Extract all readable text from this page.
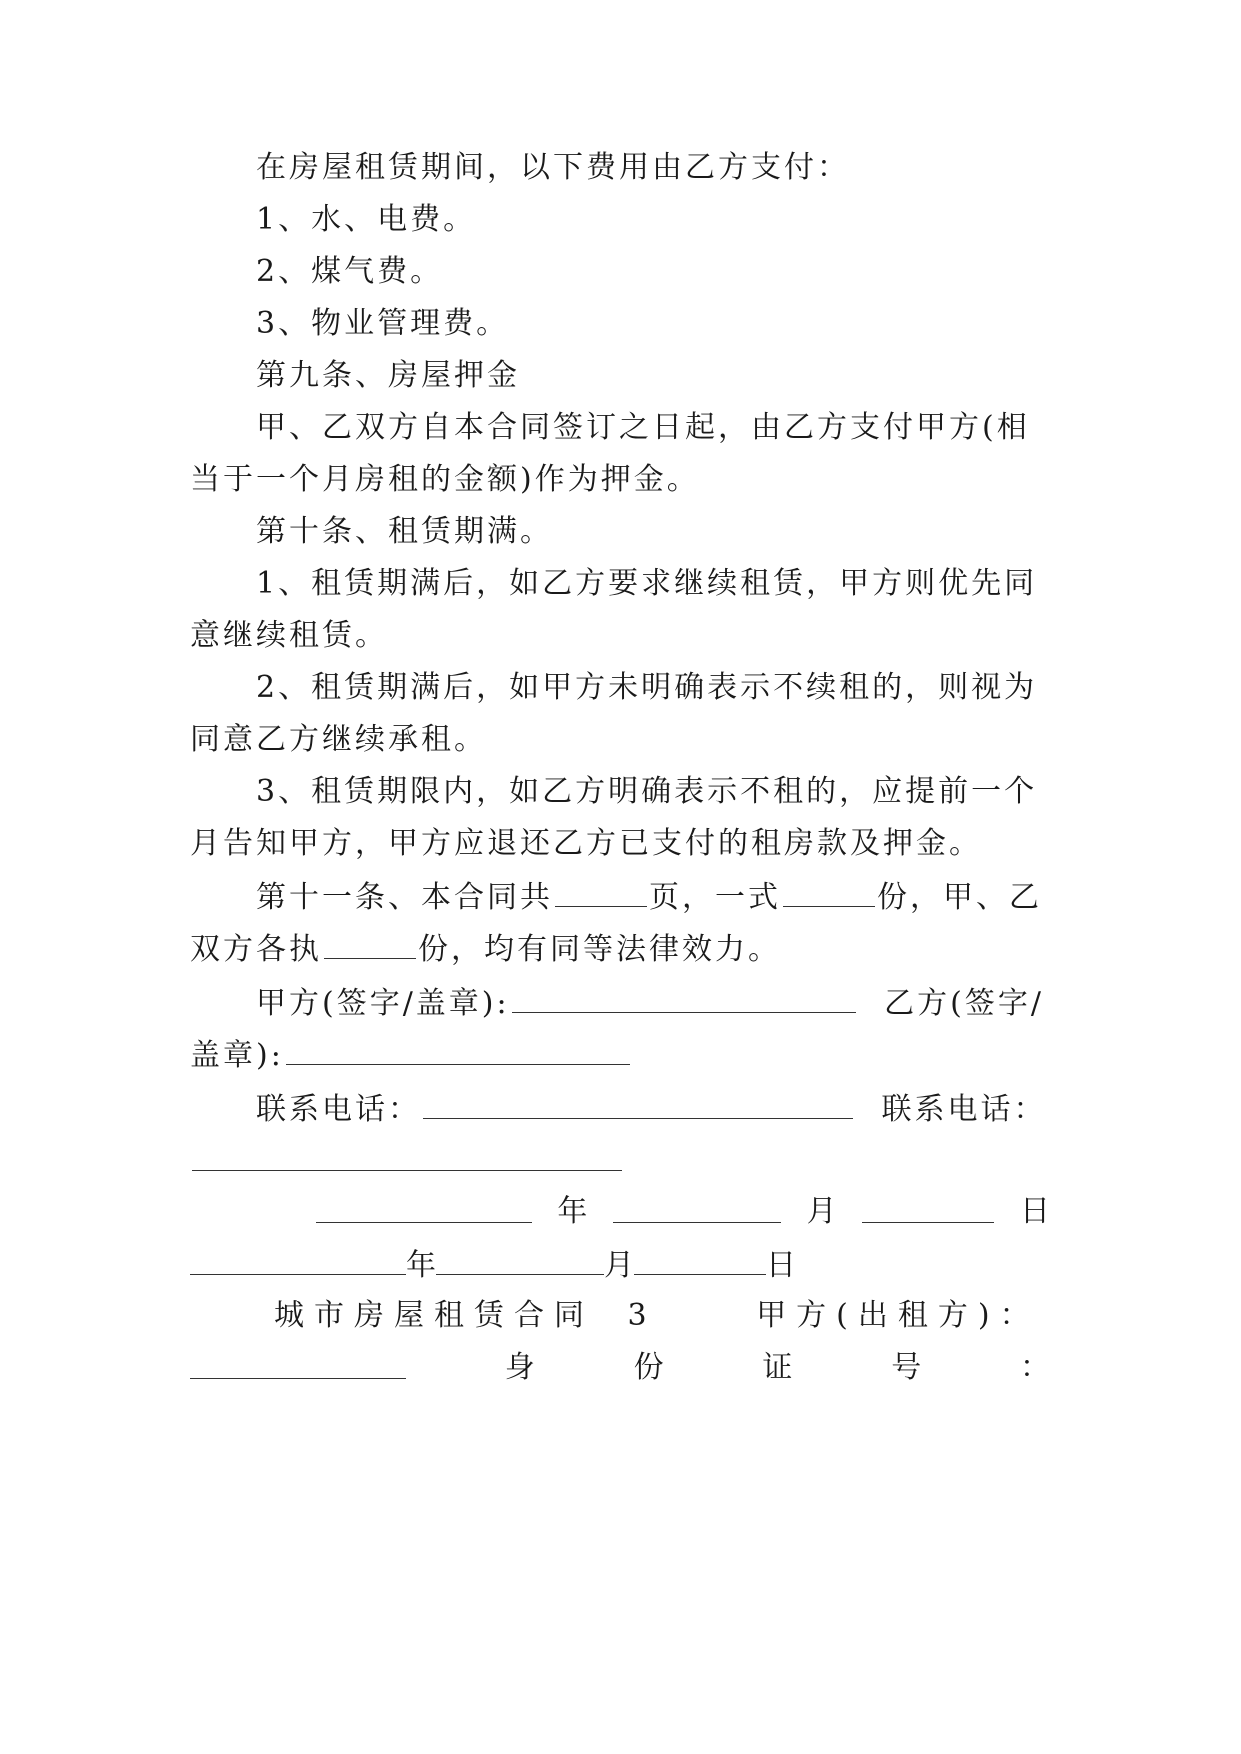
在房屋租赁期间，以下费用由乙方支付：
1、水、电费。
2、煤气费。
3、物业管理费。
第九条、房屋押金
甲、乙双方自本合同签订之日起，由乙方支付甲方(相
当于一个月房租的金额)作为押金。
第十条、租赁期满。
1、租赁期满后，如乙方要求继续租赁，甲方则优先同
意继续租赁。
2、租赁期满后，如甲方未明确表示不续租的，则视为
同意乙方继续承租。
3、租赁期限内，如乙方明确表示不租的，应提前一个
月告知甲方，甲方应退还乙方已支付的租房款及押金。
第十一条、本合同共	页，一式	份，甲、乙
双方各执	份，均有同等法律效力。
甲方(签字/盖章):	乙方(签字/
盖章):
联系电话：	联系电话：
年	月	日
年	月	日
城市房屋租赁合同 3	甲方(出租方)：
身	份	证	号	：
